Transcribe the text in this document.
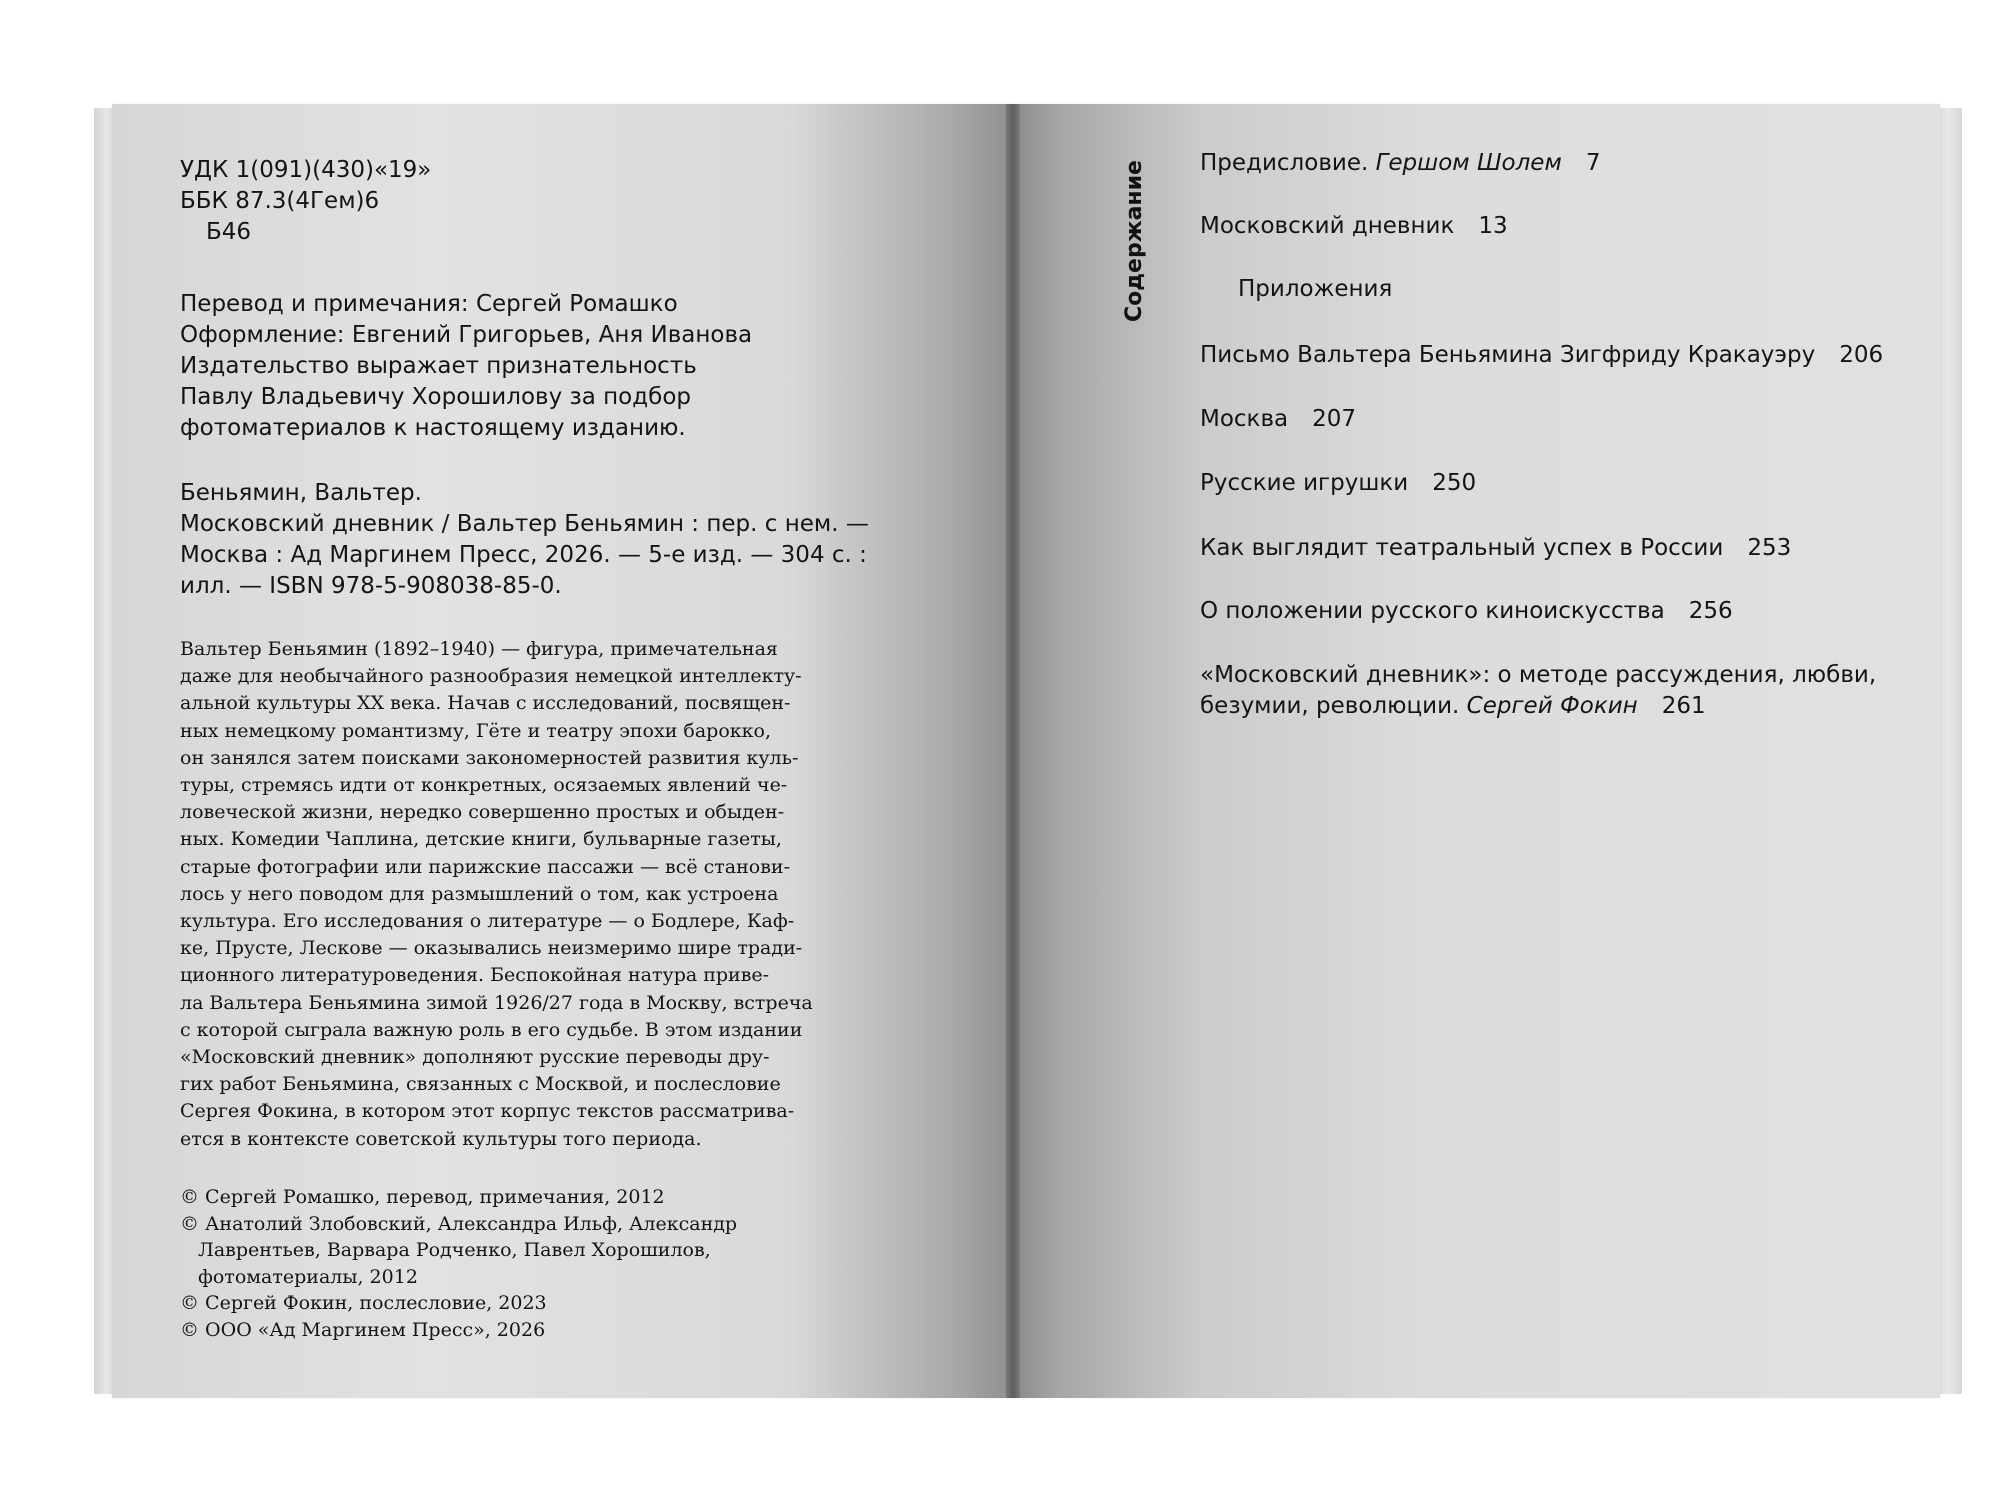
УДК 1(091)(430)«19»

ББК 87.3(4Гем)6

Б46

Перевод и примечания: Сергей Ромашко

Оформление: Евгений Григорьев, Аня Иванова

Издательство выражает признательность

Павлу Владьевичу Хорошилову за подбор

фотоматериалов к настоящему изданию.

Беньямин, Вальтер.

Московский дневник / Вальтер Беньямин : пер. с нем. —

Москва : Ад Маргинем Пресс, 2026. — 5-е изд. — 304 с. :

илл. — ISBN 978-5-908038-85-0.

Вальтер Беньямин (1892–1940) — фигура, примечательная

даже для необычайного разнообразия немецкой интеллекту-

альной культуры XX века. Начав с исследований, посвящен-

ных немецкому романтизму, Гёте и театру эпохи барокко,

он занялся затем поисками закономерностей развития куль-

туры, стремясь идти от конкретных, осязаемых явлений че-

ловеческой жизни, нередко совершенно простых и обыден-

ных. Комедии Чаплина, детские книги, бульварные газеты,

старые фотографии или парижские пассажи — всё станови-

лось у него поводом для размышлений о том, как устроена

культура. Его исследования о литературе — о Бодлере, Каф-

ке, Прусте, Лескове — оказывались неизмеримо шире тради-

ционного литературоведения. Беспокойная натура приве-

ла Вальтера Беньямина зимой 1926/27 года в Москву, встреча

с которой сыграла важную роль в его судьбе. В этом издании

«Московский дневник» дополняют русские переводы дру-

гих работ Беньямина, связанных с Москвой, и послесловие

Сергея Фокина, в котором этот корпус текстов рассматрива-

ется в контексте советской культуры того периода.

© Сергей Ромашко, перевод, примечания, 2012

© Анатолий Злобовский, Александра Ильф, Александр

Лаврентьев, Варвара Родченко, Павел Хорошилов,

фотоматериалы, 2012

© Сергей Фокин, послесловие, 2023

© ООО «Ад Маргинем Пресс», 2026

Содержание Предисловие. Гершом Шолем 7
Московский дневник 13
Приложения
Письмо Вальтера Беньямина Зигфриду Кракауэру 206
Москва 207
Русские игрушки 250
Как выглядит театральный успех в России 253
О положении русского киноискусства 256
«Московский дневник»: о методе рассуждения, любви,
безумии, революции. Сергей Фокин 261
